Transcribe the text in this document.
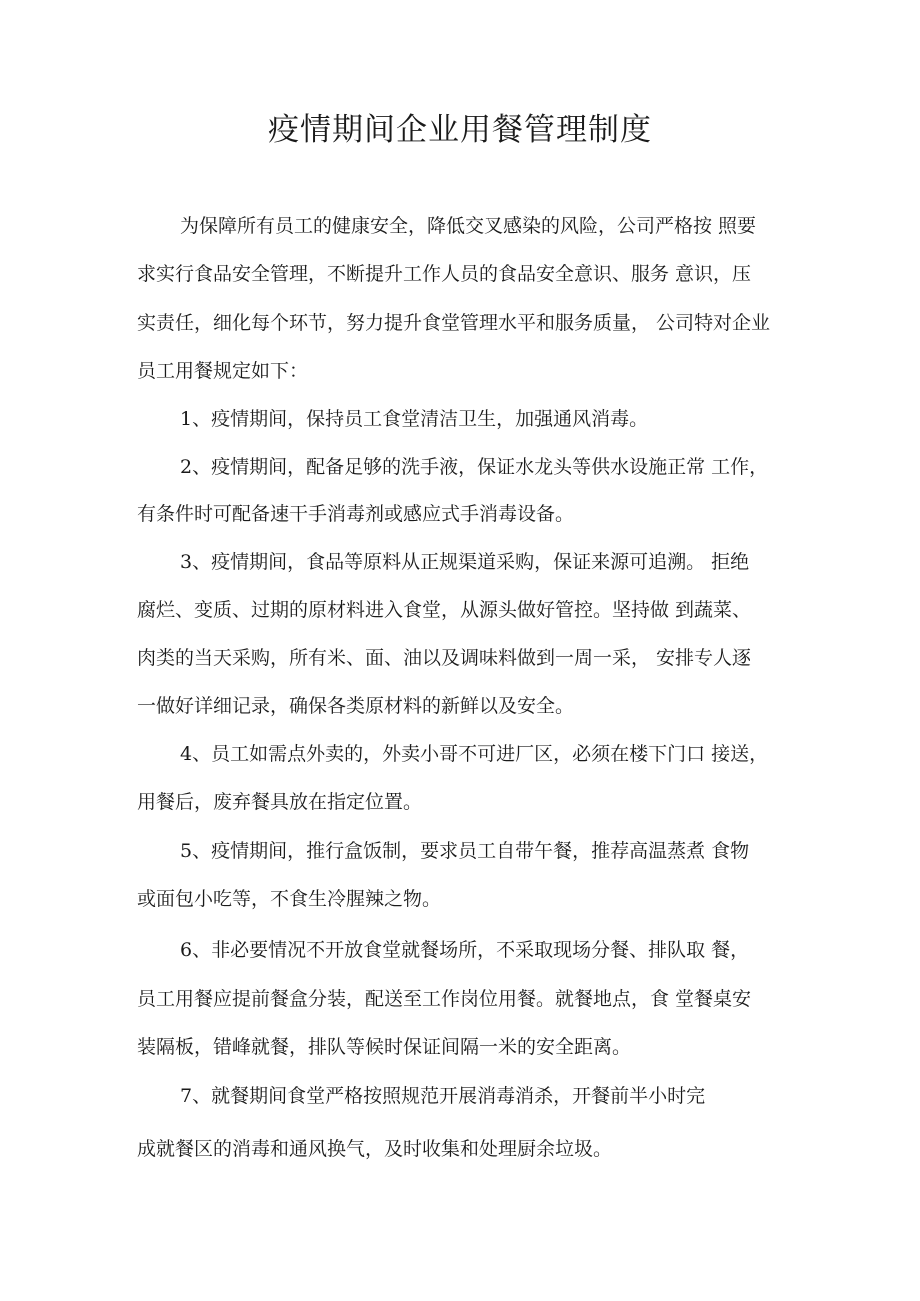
疫情期间企业用餐管理制度
为保障所有员工的健康安全，降低交叉感染的风险，公司严格按 照要
求实行食品安全管理，不断提升工作人员的食品安全意识、服务 意识，压
实责任，细化每个环节，努力提升食堂管理水平和服务质量， 公司特对企业
员工用餐规定如下：
1、疫情期间，保持员工食堂清洁卫生，加强通风消毒。
2、疫情期间，配备足够的洗手液，保证水龙头等供水设施正常 工作，
有条件时可配备速干手消毒剂或感应式手消毒设备。
3、疫情期间，食品等原料从正规渠道采购，保证来源可追溯。 拒绝
腐烂、变质、过期的原材料进入食堂，从源头做好管控。坚持做 到蔬菜、
肉类的当天采购，所有米、面、油以及调味料做到一周一采， 安排专人逐
一做好详细记录，确保各类原材料的新鲜以及安全。
4、员工如需点外卖的，外卖小哥不可进厂区，必须在楼下门口 接送，
用餐后，废弃餐具放在指定位置。
5、疫情期间，推行盒饭制，要求员工自带午餐，推荐高温蒸煮 食物
或面包小吃等，不食生冷腥辣之物。
6、非必要情况不开放食堂就餐场所，不采取现场分餐、排队取 餐，
员工用餐应提前餐盒分装，配送至工作岗位用餐。就餐地点，食 堂餐桌安
装隔板，错峰就餐，排队等候时保证间隔一米的安全距离。
7、就餐期间食堂严格按照规范开展消毒消杀，开餐前半小时完
成就餐区的消毒和通风换气，及时收集和处理厨余垃圾。
